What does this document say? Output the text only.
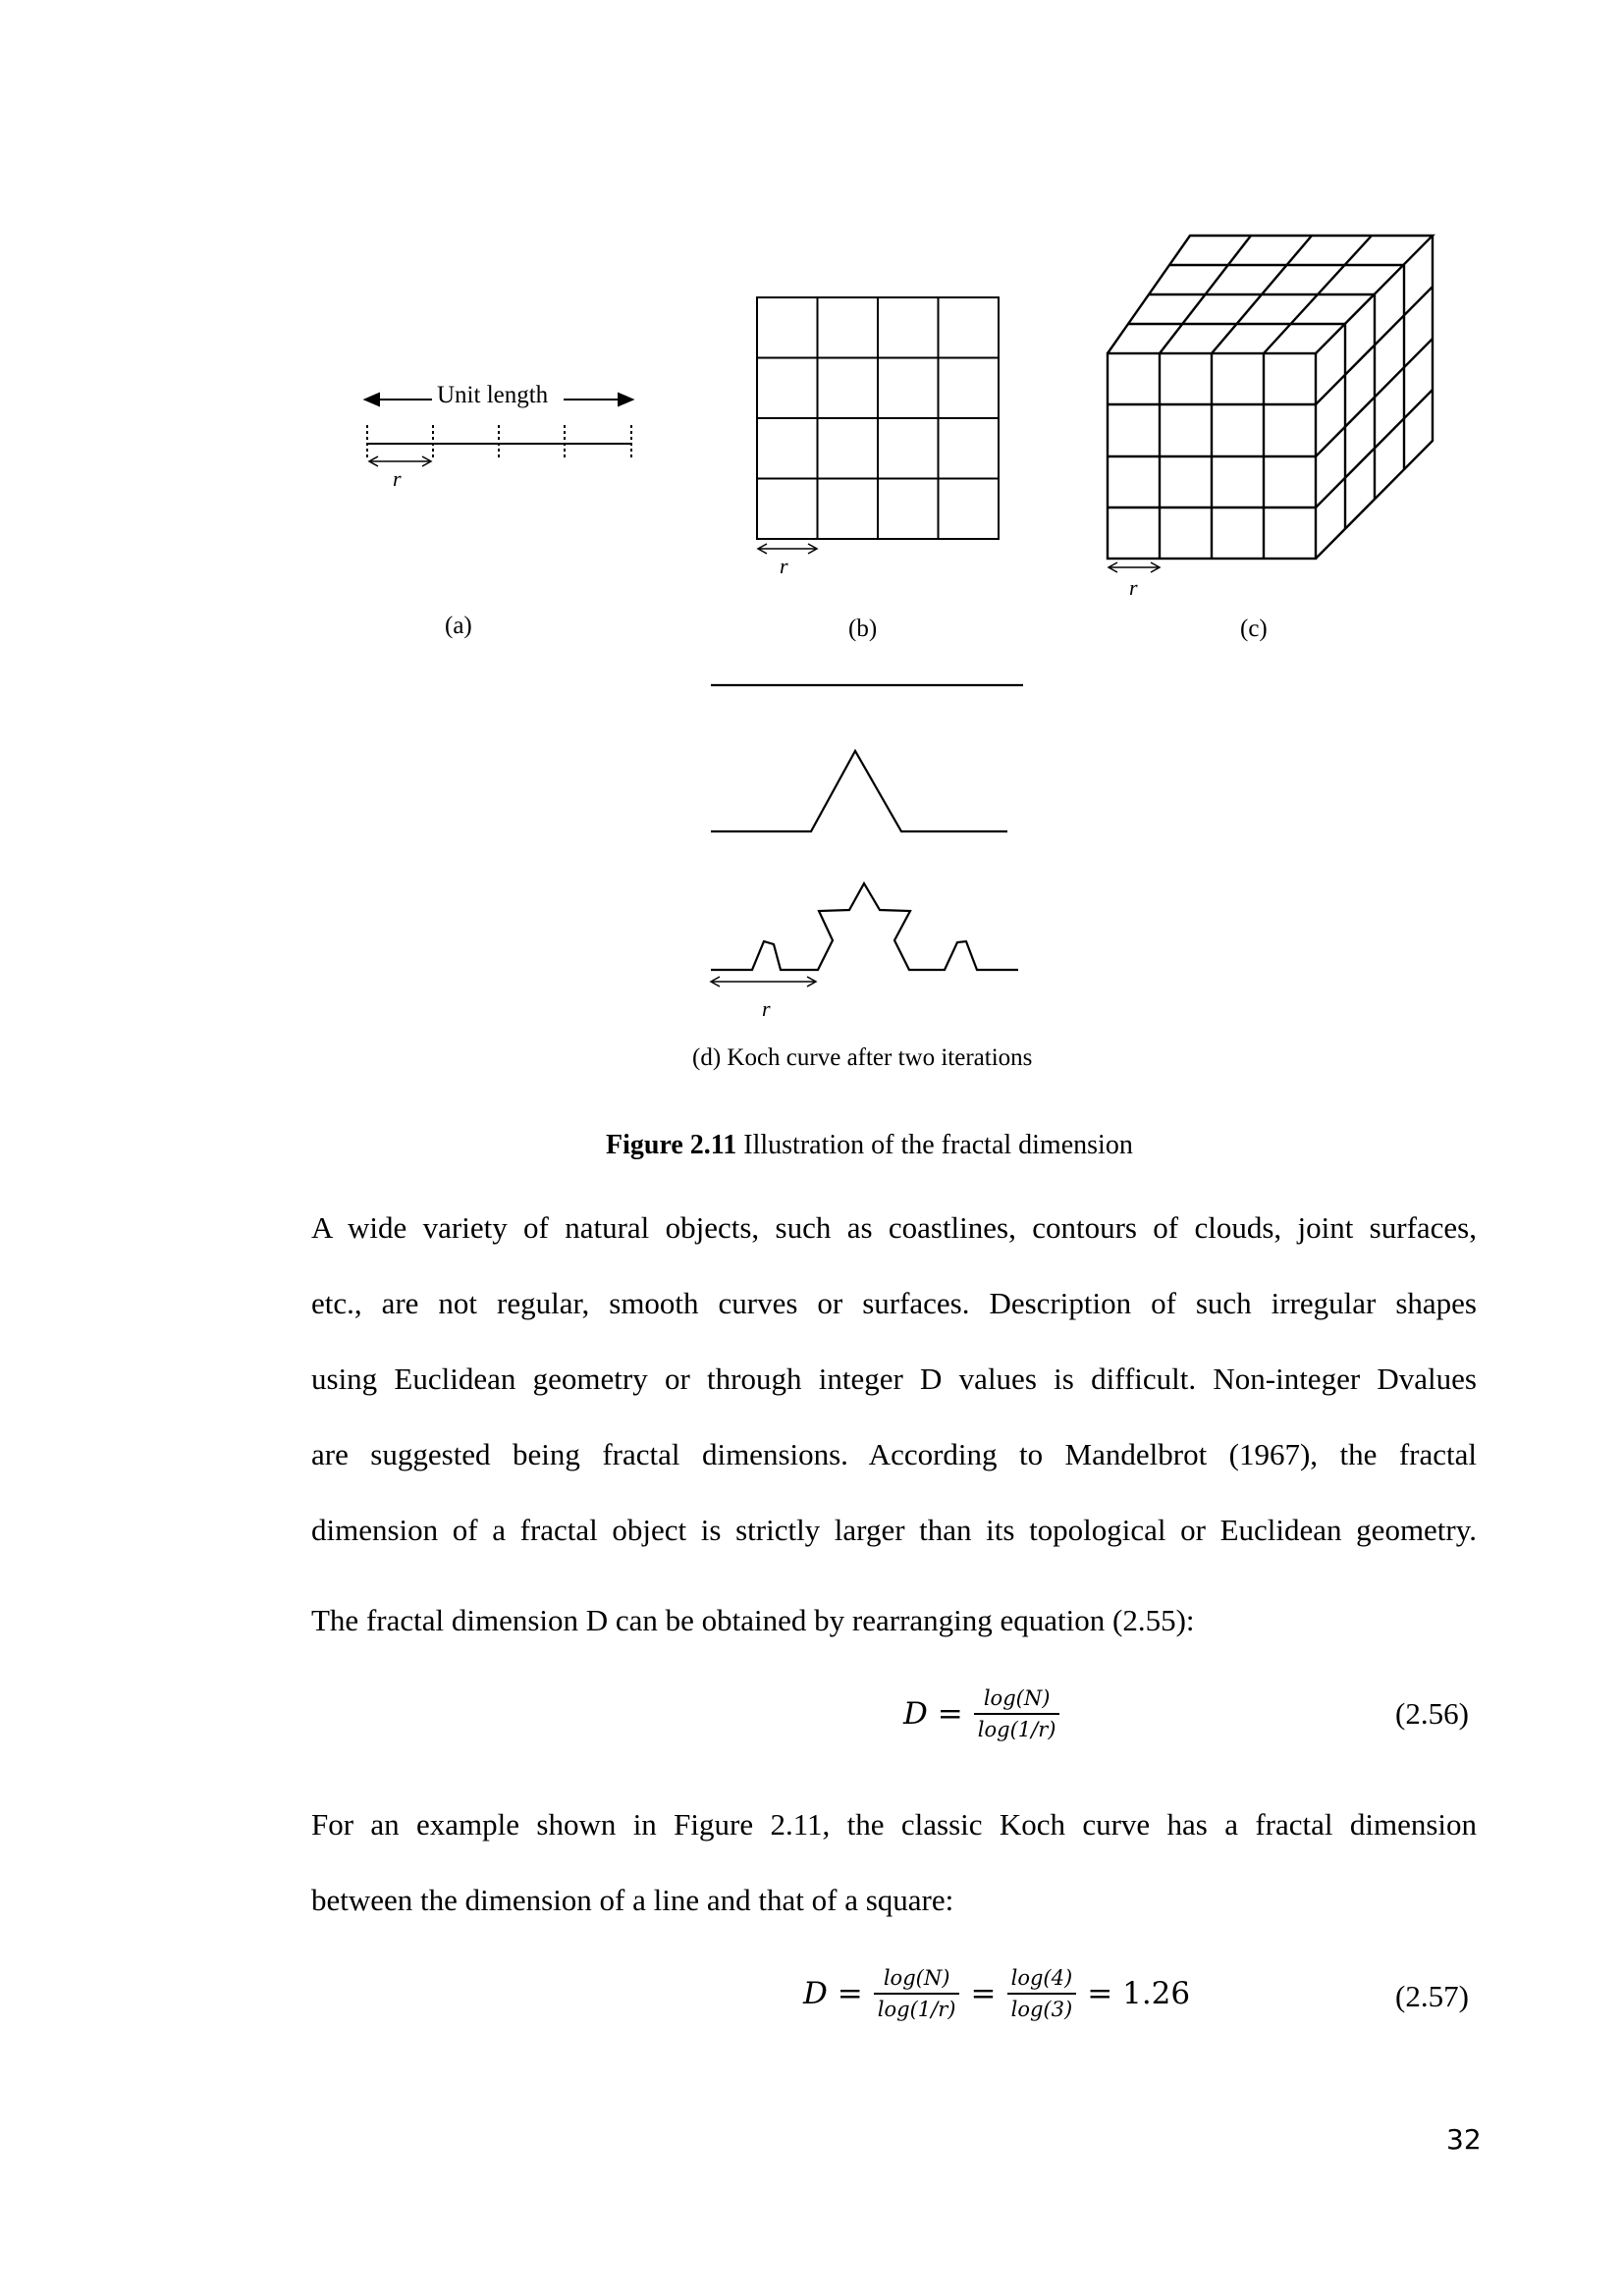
Unit length
r
(a)
r
(b)
r
(c)
r
(d) Koch curve after two iterations
Figure 2.11 Illustration of the fractal dimension
A wide variety of natural objects, such as coastlines, contours of clouds, joint surfaces,
etc., are not regular, smooth curves or surfaces. Description of such irregular shapes
using Euclidean geometry or through integer D values is difficult. Non-integer Dvalues
are suggested being fractal dimensions. According to Mandelbrot (1967), the fractal
dimension of a fractal object is strictly larger than its topological or Euclidean geometry.
The fractal dimension D can be obtained by rearranging equation (2.55):
$D = \frac{\log(N)}{\log(1/r)}$	(2.56)
For an example shown in Figure 2.11, the classic Koch curve has a fractal dimension
between the dimension of a line and that of a square:
$D = \frac{\log(N)}{\log(1/r)} = \frac{\log(4)}{\log(3)} = 1.26$	(2.57)
32
